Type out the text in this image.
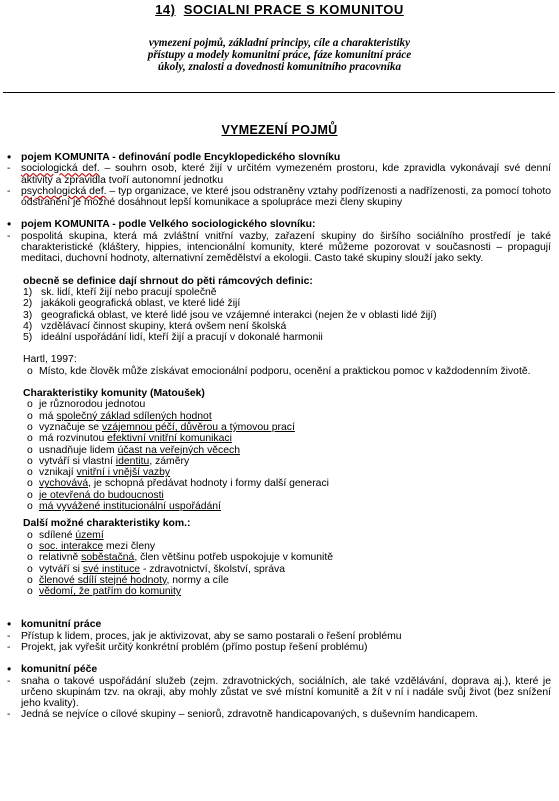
14) SOCIALNI PRACE S KOMUNITOU
vymezení pojmů, základní principy, cíle a charakteristiky
přístupy a modely komunitní práce, fáze komunitní práce
úkoly, znalosti a dovednosti komunitního pracovníka
VYMEZENÍ POJMŮ
• pojem KOMUNITA - definování podle Encyklopedického slovníku
-	sociologická def. – souhrn osob, které žijí v určitém vymezeném prostoru, kde zpravidla vykonávají své denní aktivity a zpravidla tvoří autonomní jednotku
-	psychologická def. – typ organizace, ve které jsou odstraněny vztahy podřízenosti a nadřízenosti, za pomocí tohoto odstranění je možné dosáhnout lepší komunikace a spolupráce mezi členy skupiny
• pojem KOMUNITA - podle Velkého sociologického slovníku:
-	pospolitá skupina, která má zvláštní vnitřní vazby, zařazení skupiny do širšího sociálního prostředí je také charakteristické (kláštery, hippies, intencionální komunity, které můžeme pozorovat v současnosti – propagují meditaci, duchovní hodnoty, alternativní zemědělství a ekologii. Casto také skupiny slouží jako sekty.
obecně se definice dají shrnout do pěti rámcových definic:
1) sk. lidí, kteří žijí nebo pracují společně
2) jakákoli geografická oblast, ve které lidé žijí
3) geografická oblast, ve které lidé jsou ve vzájemné interakci (nejen že v oblasti lidé žijí)
4) vzdělávací činnost skupiny, která ovšem není školská
5) ideální uspořádání lidí, kteří žijí a pracují v dokonalé harmonii
Hartl, 1997:
o Místo, kde člověk může získávat emocionální podporu, ocenění a praktickou pomoc v každodenním životě.
Charakteristiky komunity (Matoušek)
o je různorodou jednotou
o má společný základ sdílených hodnot
o vyznačuje se vzájemnou péčí, důvěrou a týmovou prací
o má rozvinutou efektivní vnitřní komunikaci
o usnadňuje lidem účast na veřejných věcech
o vytváří si vlastní identitu, záměry
o vznikají vnitřní i vnější vazby
o vychovává, je schopná předávat hodnoty i formy další generaci
o je otevřená do budoucnosti
o má vyvážené institucionální uspořádání
Další možné charakteristiky kom.:
o sdílené území
o soc. interakce mezi členy
o relativně soběstačná, člen většinu potřeb uspokojuje v komunitě
o vytváří si své instituce - zdravotnictví, školství, správa
o členové sdílí stejné hodnoty, normy a cíle
o vědomí, že patřím do komunity
• komunitní práce
-	Přístup k lidem, proces, jak je aktivizovat, aby se samo postarali o řešení problému
-	Projekt, jak vyřešit určitý konkrétní problém (přímo postup řešení problému)
• komunitní péče
-	snaha o takové uspořádání služeb (zejm. zdravotnických, sociálních, ale také vzdělávání, doprava aj.), které je určeno skupinám tzv. na okraji, aby mohly zůstat ve své místní komunitě a žít v ní i nadále svůj život (bez snížení jeho kvality).
-	Jedná se nejvíce o cílové skupiny – seniorů, zdravotně handicapovaných, s duševním handicapem.
